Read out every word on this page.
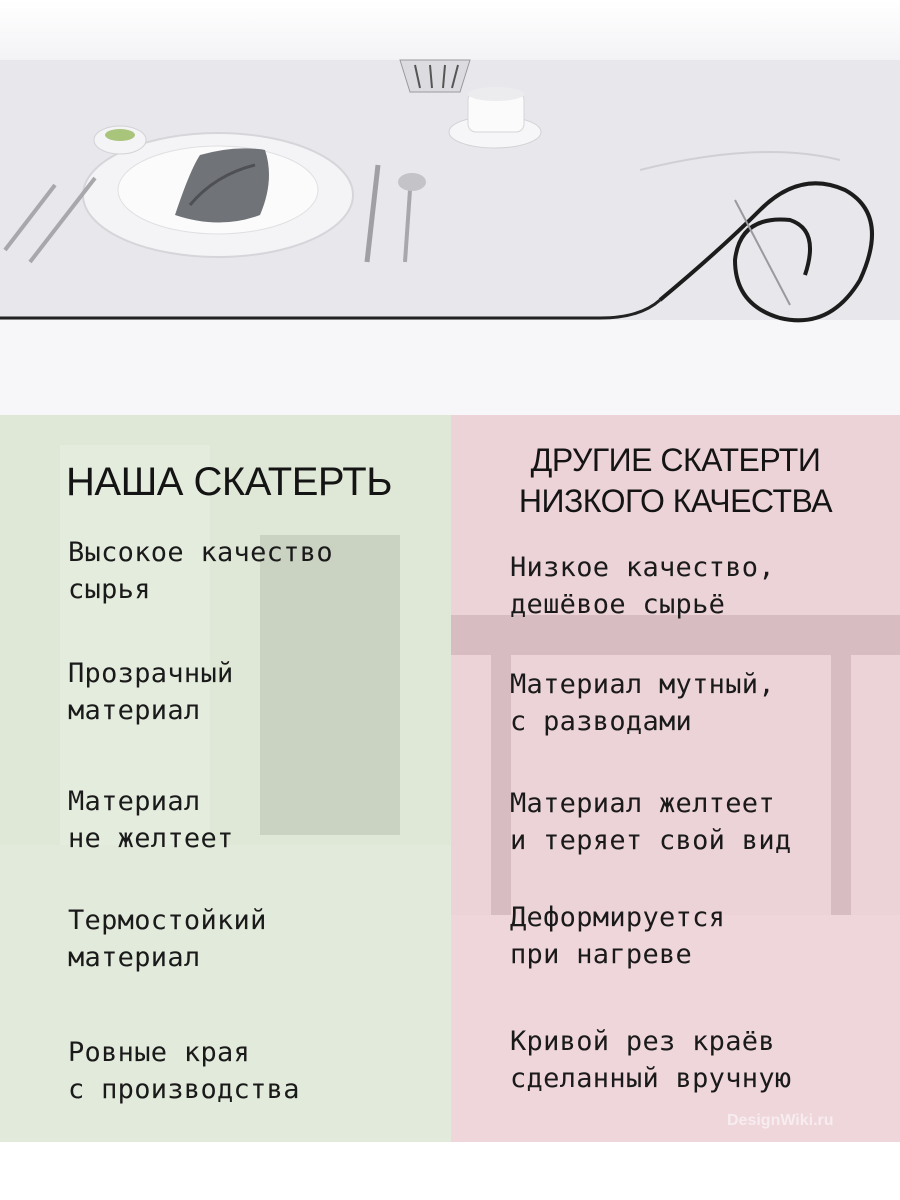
НАША СКАТЕРТЬ	ДРУГИЕ СКАТЕРТИ
НИЗКОГО КАЧЕСТВА
Высокое качество
сырья
Прозрачный
материал
Материал
не желтеет
Термостойкий
материал
Ровные края
с производства
Низкое качество,
дешёвое сырьё
Материал мутный,
с разводами
Материал желтеет
и теряет свой вид
Деформируется
при нагреве
Кривой рез краёв
сделанный вручную
DesignWiki.ru
